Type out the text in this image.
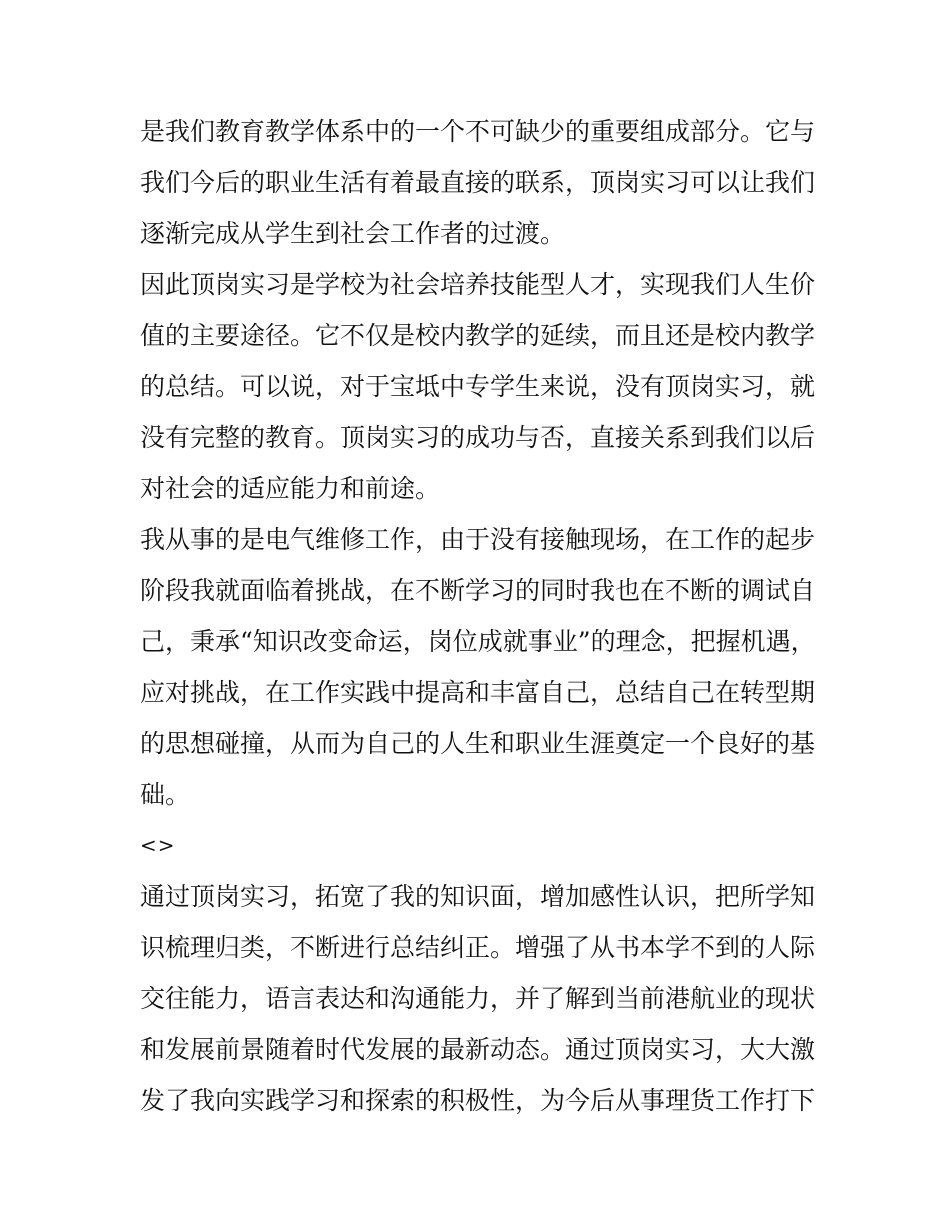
是我们教育教学体系中的一个不可缺少的重要组成部分。它与
我们今后的职业生活有着最直接的联系，顶岗实习可以让我们
逐渐完成从学生到社会工作者的过渡。
因此顶岗实习是学校为社会培养技能型人才，实现我们人生价
值的主要途径。它不仅是校内教学的延续，而且还是校内教学
的总结。可以说，对于宝坻中专学生来说，没有顶岗实习，就
没有完整的教育。顶岗实习的成功与否，直接关系到我们以后
对社会的适应能力和前途。
我从事的是电气维修工作，由于没有接触现场，在工作的起步
阶段我就面临着挑战，在不断学习的同时我也在不断的调试自
己，秉承“知识改变命运，岗位成就事业”的理念，把握机遇，
应对挑战，在工作实践中提高和丰富自己，总结自己在转型期
的思想碰撞，从而为自己的人生和职业生涯奠定一个良好的基
础。
<>
通过顶岗实习，拓宽了我的知识面，增加感性认识，把所学知
识梳理归类，不断进行总结纠正。增强了从书本学不到的人际
交往能力，语言表达和沟通能力，并了解到当前港航业的现状
和发展前景随着时代发展的最新动态。通过顶岗实习，大大激
发了我向实践学习和探索的积极性，为今后从事理货工作打下
